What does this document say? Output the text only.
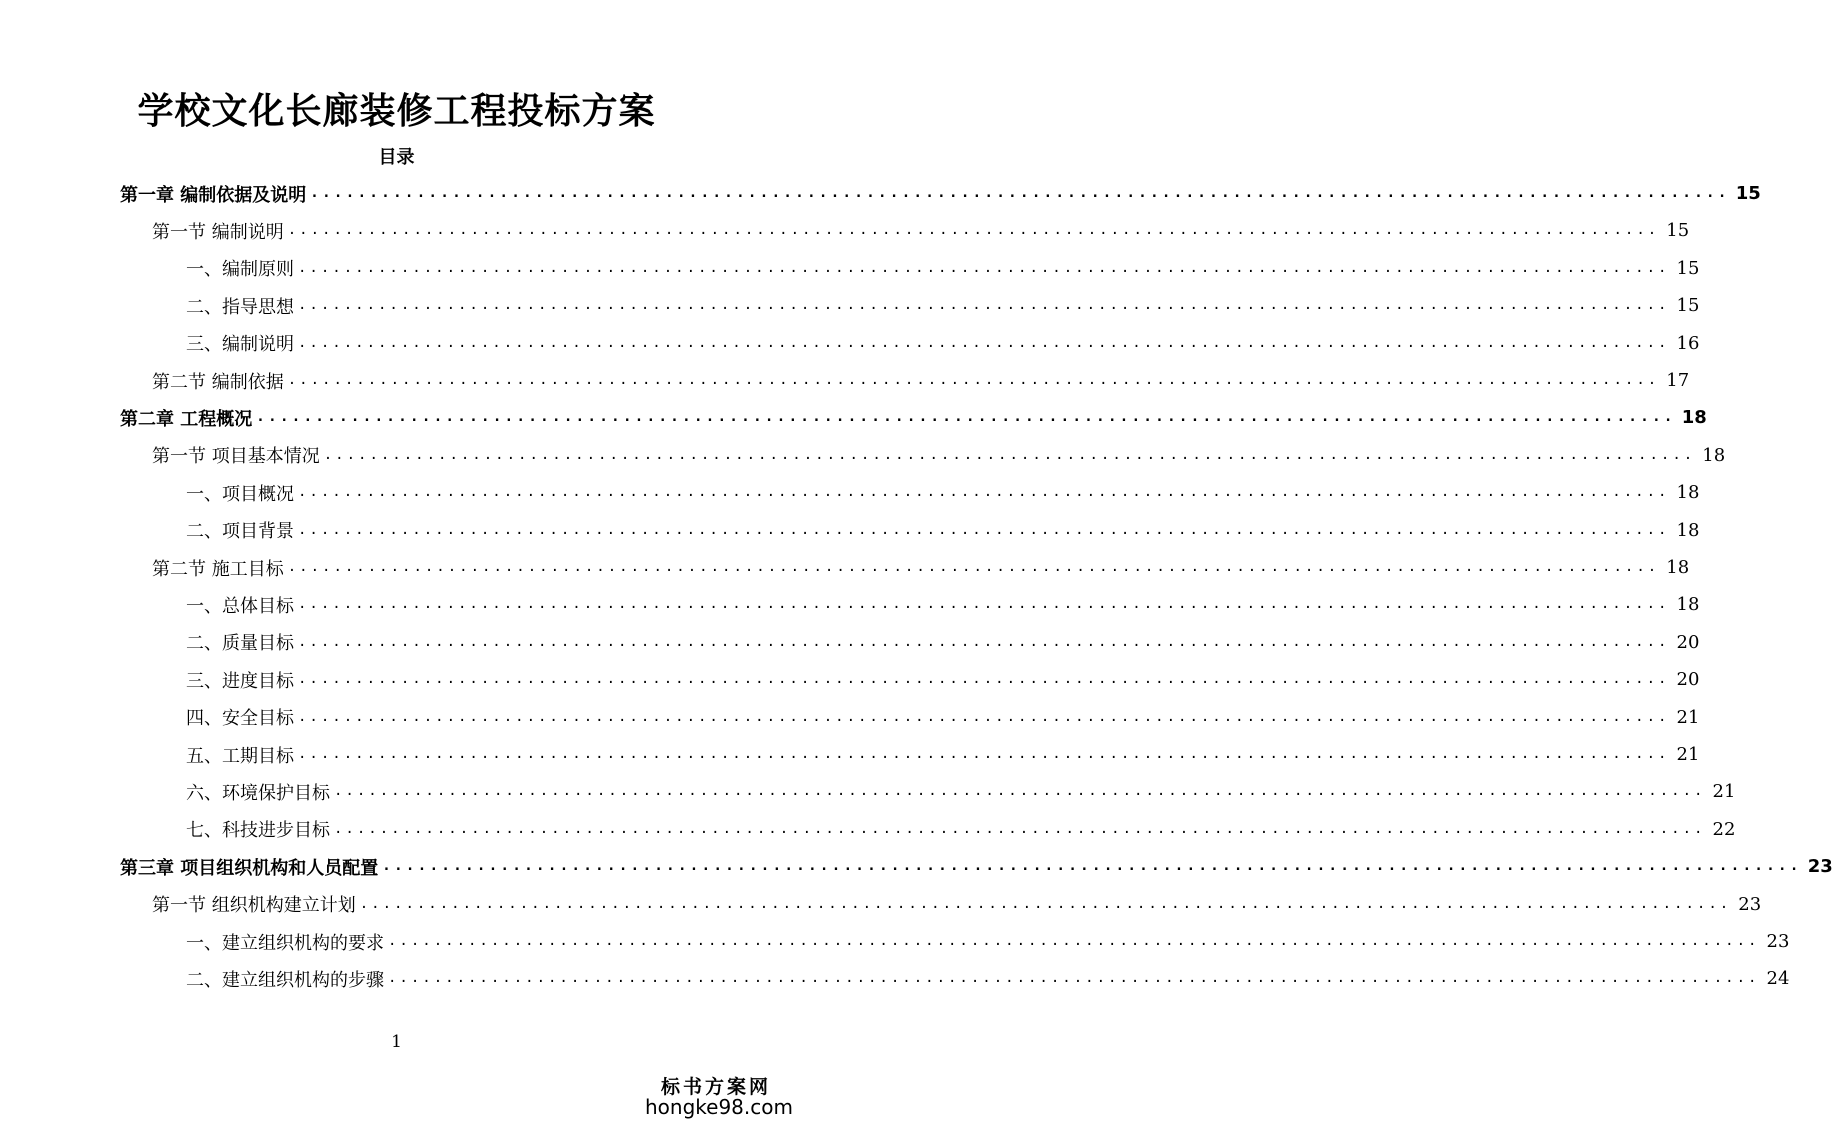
学校文化长廊装修工程投标方案
目录
第一章 编制依据及说明 ........................................................................................................................ 15
第一节 编制说明 ........................................................................................................................ 15
一、编制原则 ........................................................................................................................ 15
二、指导思想 ........................................................................................................................ 15
三、编制说明 ........................................................................................................................ 16
第二节 编制依据 ........................................................................................................................ 17
第二章 工程概况 ........................................................................................................................ 18
第一节 项目基本情况 ........................................................................................................................ 18
一、项目概况 ........................................................................................................................ 18
二、项目背景 ........................................................................................................................ 18
第二节 施工目标 ........................................................................................................................ 18
一、总体目标 ........................................................................................................................ 18
二、质量目标 ........................................................................................................................ 20
三、进度目标 ........................................................................................................................ 20
四、安全目标 ........................................................................................................................ 21
五、工期目标 ........................................................................................................................ 21
六、环境保护目标 ........................................................................................................................ 21
七、科技进步目标 ........................................................................................................................ 22
第三章 项目组织机构和人员配置 ........................................................................................................................ 23
第一节 组织机构建立计划 ........................................................................................................................ 23
一、建立组织机构的要求 ........................................................................................................................ 23
二、建立组织机构的步骤 ........................................................................................................................ 24
1
标书方案网
hongke98.com
